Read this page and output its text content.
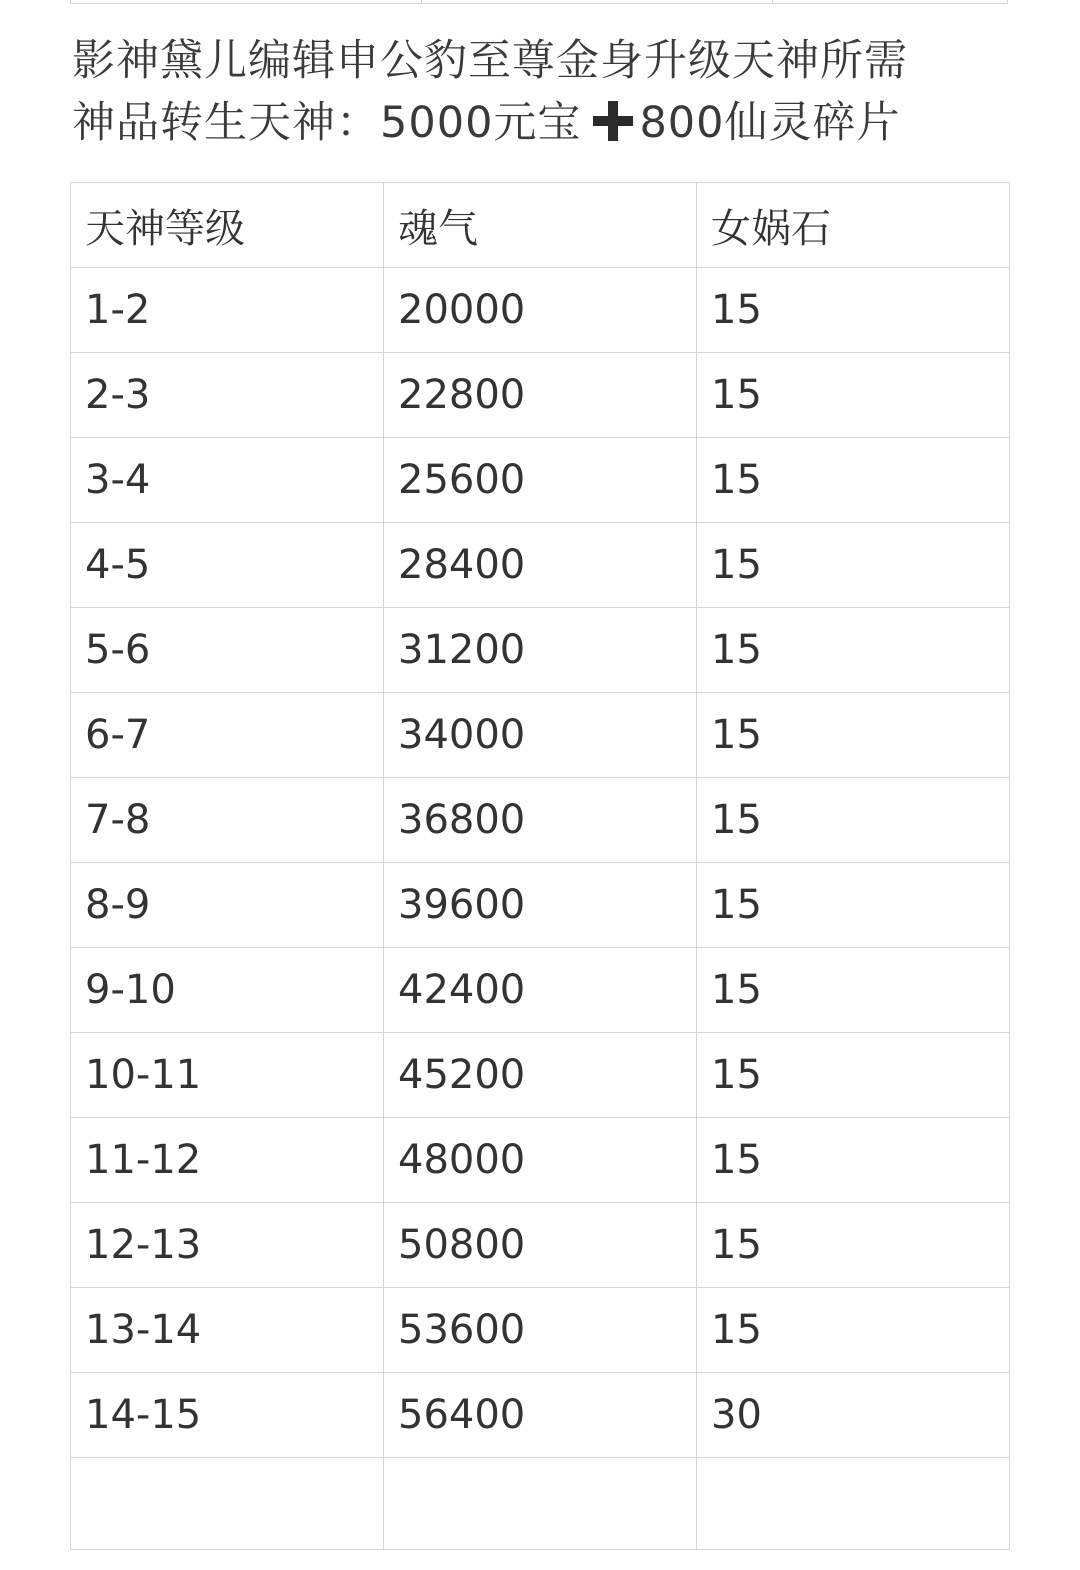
影神黛儿编辑申公豹至尊金身升级天神所需
神品转生天神：5000元宝 800仙灵碎片
天神等级	魂气	女娲石
1-2	20000	15
2-3	22800	15
3-4	25600	15
4-5	28400	15
5-6	31200	15
6-7	34000	15
7-8	36800	15
8-9	39600	15
9-10	42400	15
10-11	45200	15
11-12	48000	15
12-13	50800	15
13-14	53600	15
14-15	56400	30
